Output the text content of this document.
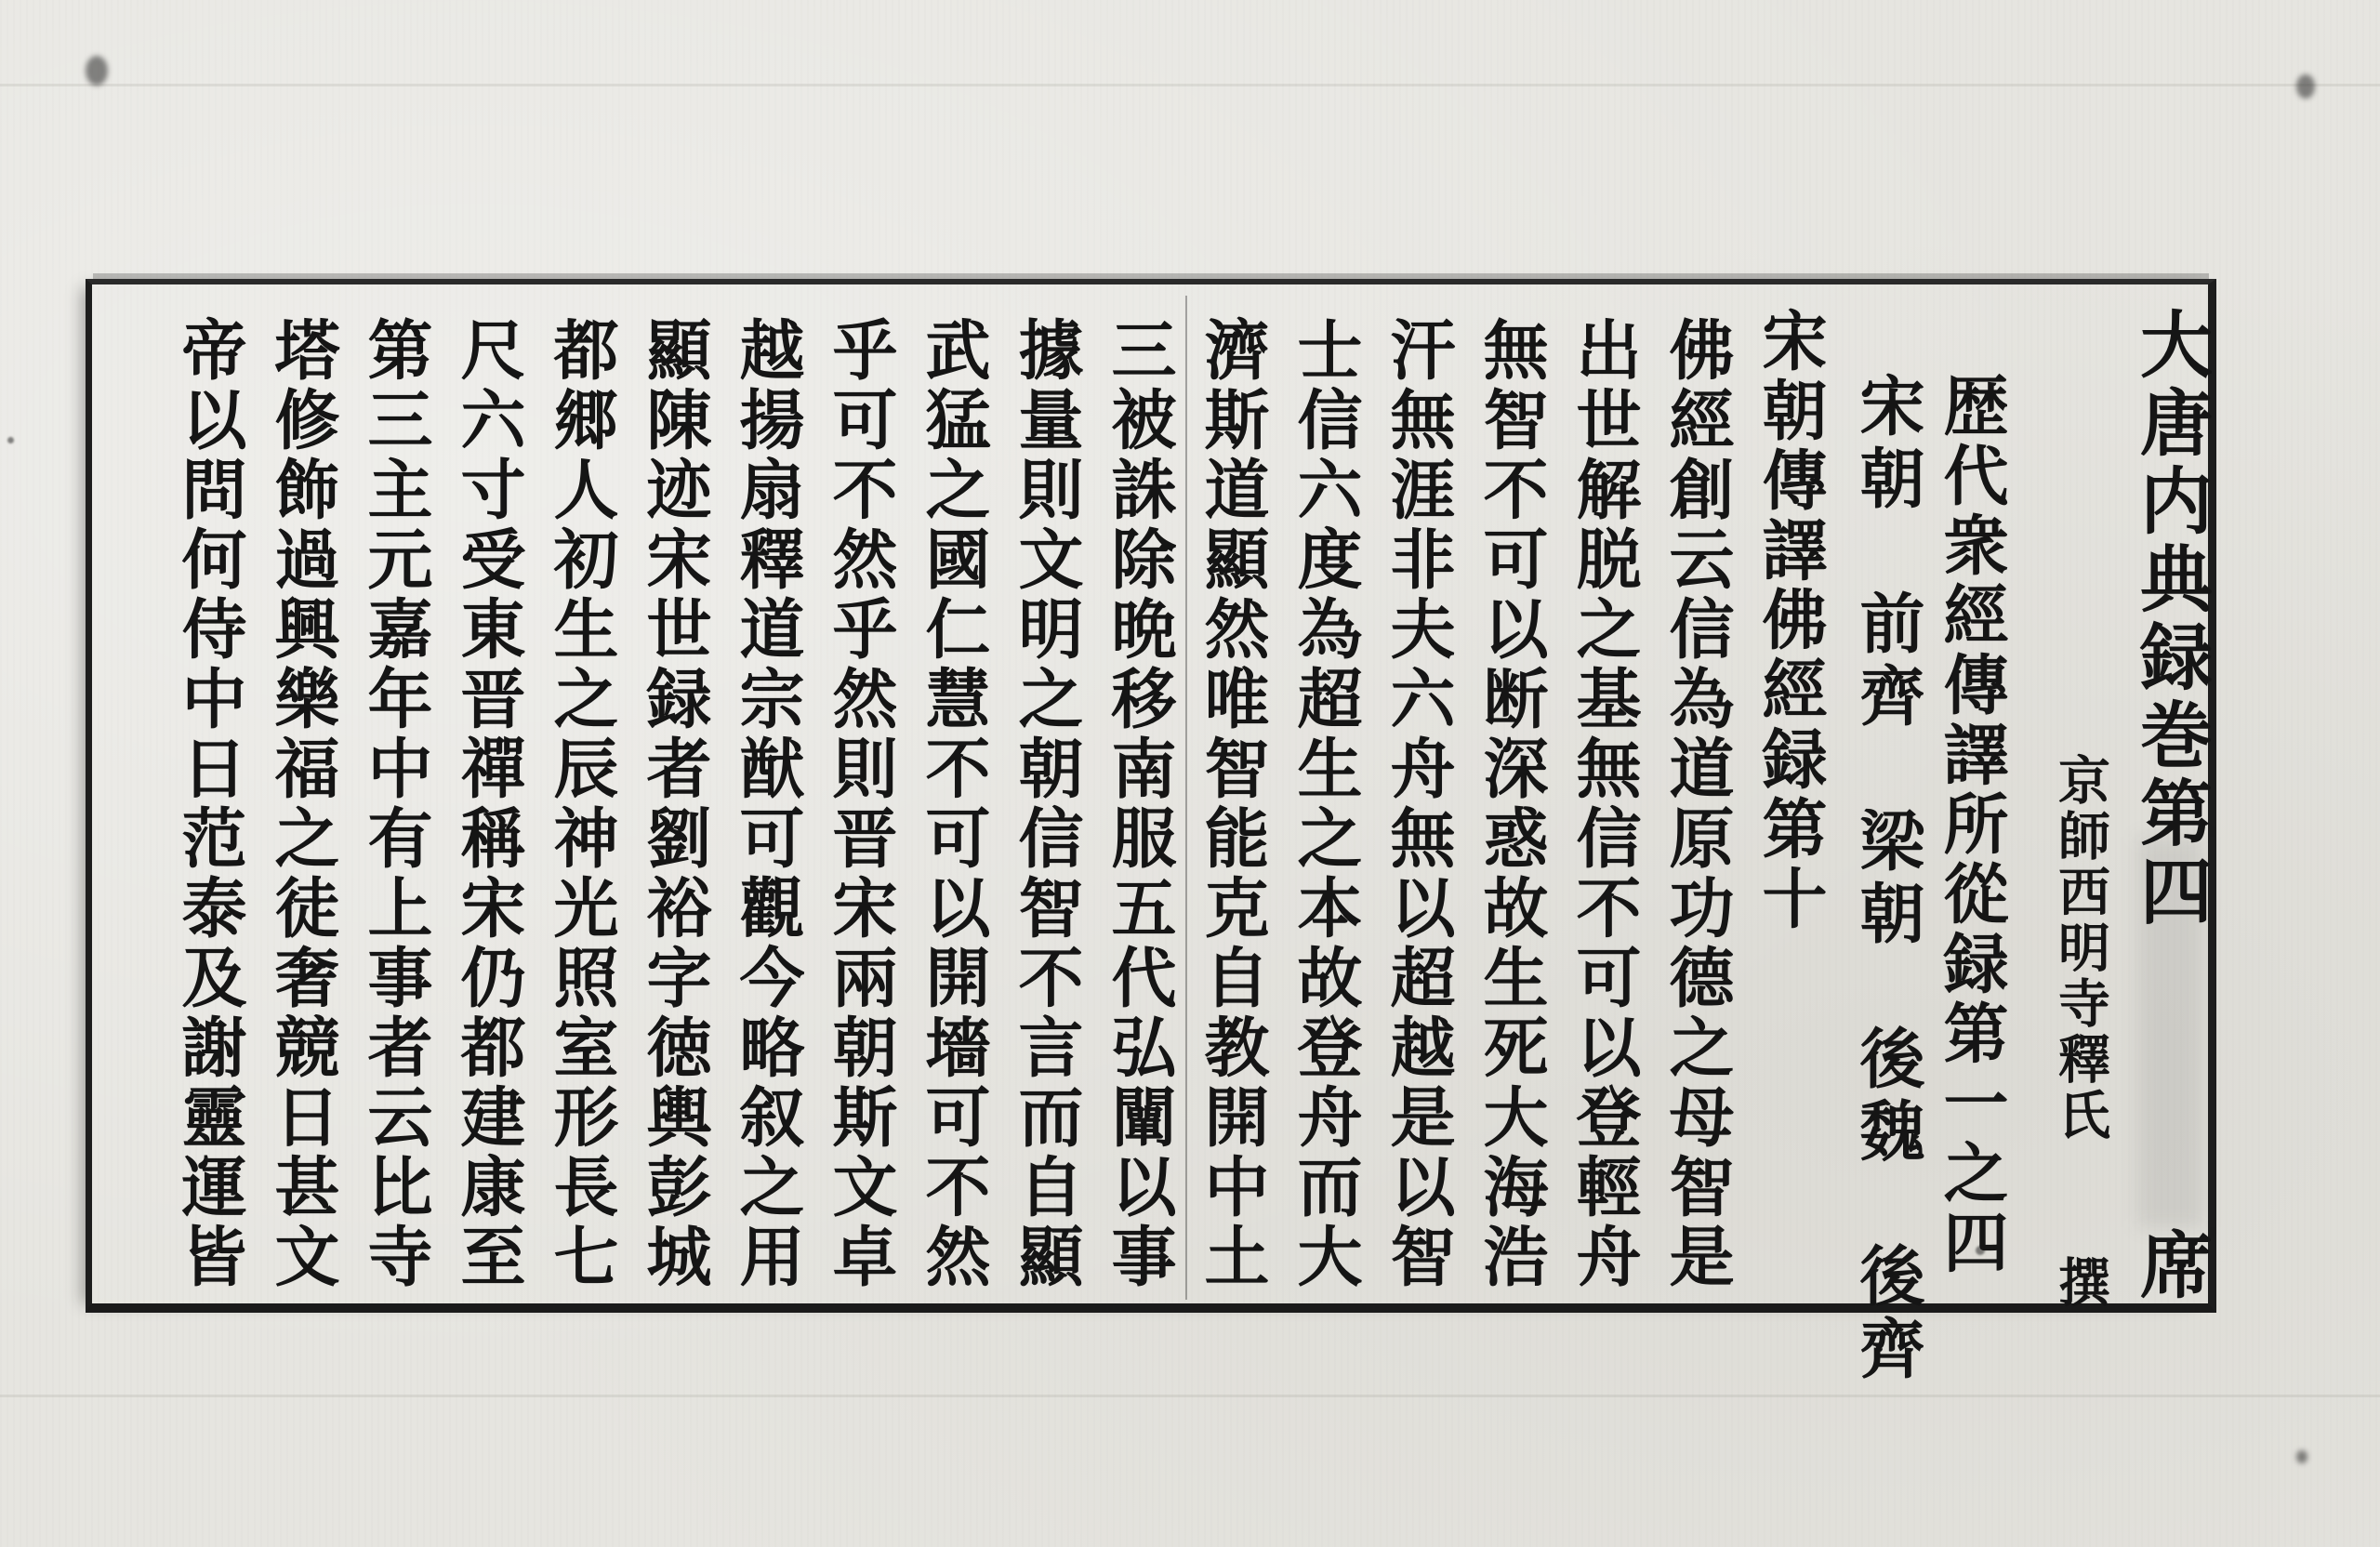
大唐内典録巻第四
席
京師西明寺釋氏　　撰
歴代衆經傳譯所從録第一之四
宋朝　前齊　梁朝　後魏　後齊
宋朝傳譯佛經録第十
佛經創云信為道原功德之母智是
出世解脱之基無信不可以登輕舟
無智不可以断深惑故生死大海浩
汗無涯非夫六舟無以超越是以智
士信六度為超生之本故登舟而大
濟斯道顯然唯智能克自教開中土
三被誅除晩移南服五代弘闡以事
據量則文明之朝信智不言而自顯
武猛之國仁慧不可以開墻可不然
乎可不然乎然則晋宋兩朝斯文卓
越揚扇釋道宗猷可觀今略叙之用
顯陳迹宋世録者劉裕字徳輿彭城
都郷人初生之辰神光照室形長七
尺六寸受東晋禪稱宋仍都建康至
第三主元嘉年中有上事者云比寺
塔修飾過興樂福之徒奢競日甚文
帝以問何侍中日范泰及謝靈運皆
